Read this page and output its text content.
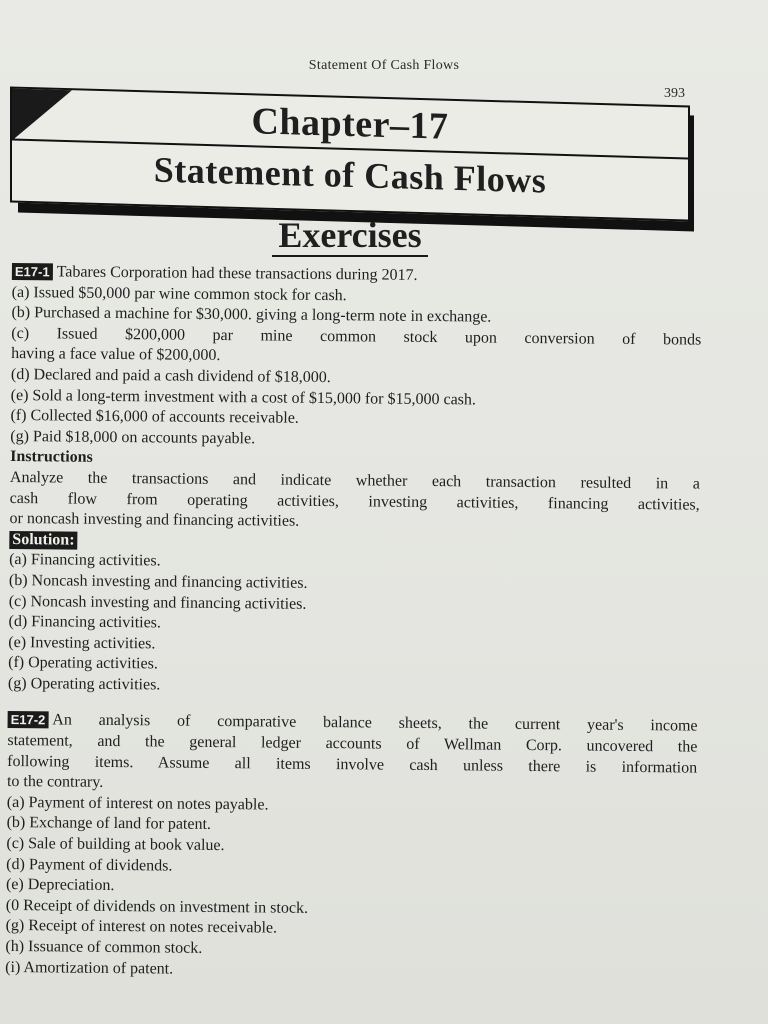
Statement Of Cash Flows
393
Chapter–17
Statement of Cash Flows
Exercises
E17-1 Tabares Corporation had these transactions during 2017.
(a) Issued $50,000 par wine common stock for cash.
(b) Purchased a machine for $30,000. giving a long-term note in exchange.
(c) Issued $200,000 par mine common stock upon conversion of bonds
having a face value of $200,000.
(d) Declared and paid a cash dividend of $18,000.
(e) Sold a long-term investment with a cost of $15,000 for $15,000 cash.
(f) Collected $16,000 of accounts receivable.
(g) Paid $18,000 on accounts payable.
Instructions
Analyze the transactions and indicate whether each transaction resulted in a
cash flow from operating activities, investing activities, financing activities,
or noncash investing and financing activities.
Solution:
(a) Financing activities.
(b) Noncash investing and financing activities.
(c) Noncash investing and financing activities.
(d) Financing activities.
(e) Investing activities.
(f) Operating activities.
(g) Operating activities.
E17-2 An analysis of comparative balance sheets, the current year's income
statement, and the general ledger accounts of Wellman Corp. uncovered the
following items. Assume all items involve cash unless there is information
to the contrary.
(a) Payment of interest on notes payable.
(b) Exchange of land for patent.
(c) Sale of building at book value.
(d) Payment of dividends.
(e) Depreciation.
(0 Receipt of dividends on investment in stock.
(g) Receipt of interest on notes receivable.
(h) Issuance of common stock.
(i) Amortization of patent.
